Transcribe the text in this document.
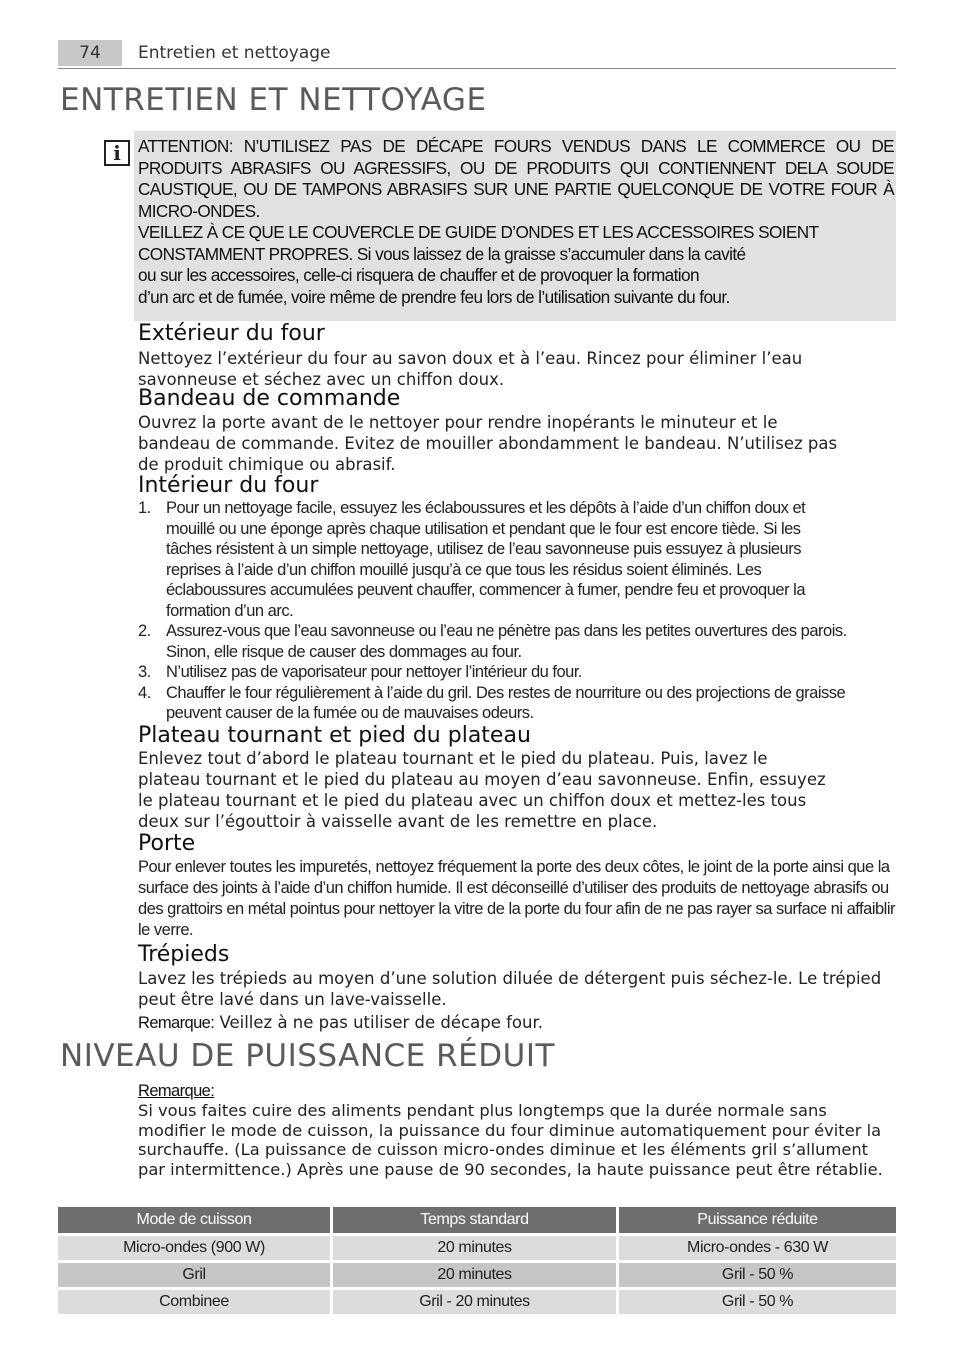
74	Entretien et nettoyage
ENTRETIEN ET NETTOYAGE
i	ATTENTION: N’UTILISEZ PAS DE DÉCAPE FOURS VENDUS DANS LE COMMERCE OU DE PRODUITS ABRASIFS OU AGRESSIFS, OU DE PRODUITS QUI CONTIENNENT DELA SOUDE CAUSTIQUE, OU DE TAMPONS ABRASIFS SUR UNE PARTIE QUELCONQUE DE VOTRE FOUR À MICRO-ONDES.

VEILLEZ À CE QUE LE COUVERCLE DE GUIDE D’ONDES ET LES ACCESSOIRES SOIENT

CONSTAMMENT PROPRES. Si vous laissez de la graisse s’accumuler dans la cavité

ou sur les accessoires, celle-ci risquera de chauffer et de provoquer la formation

d’un arc et de fumée, voire même de prendre feu lors de l’utilisation suivante du four.

Extérieur du four
Nettoyez l’extérieur du four au savon doux et à l’eau. Rincez pour éliminer l’eau savonneuse et séchez avec un chiffon doux.
Bandeau de commande
Ouvrez la porte avant de le nettoyer pour rendre inopérants le minuteur et le bandeau de commande. Evitez de mouiller abondamment le bandeau. N’utilisez pas de produit chimique ou abrasif.
Intérieur du four
1. Pour un nettoyage facile, essuyez les éclaboussures et les dépôts à l’aide d’un chiffon doux et mouillé ou une éponge après chaque utilisation et pendant que le four est encore tiède. Si les tâches résistent à un simple nettoyage, utilisez de l’eau savonneuse puis essuyez à plusieurs reprises à l’aide d’un chiffon mouillé jusqu’à ce que tous les résidus soient éliminés. Les éclaboussures accumulées peuvent chauffer, commencer à fumer, pendre feu et provoquer la formation d’un arc.
2. Assurez-vous que l’eau savonneuse ou l’eau ne pénètre pas dans les petites ouvertures des parois. Sinon, elle risque de causer des dommages au four.
3. N’utilisez pas de vaporisateur pour nettoyer l’intérieur du four.
4. Chauffer le four régulièrement à l’aide du gril. Des restes de nourriture ou des projections de graisse peuvent causer de la fumée ou de mauvaises odeurs.
Plateau tournant et pied du plateau
Enlevez tout d’abord le plateau tournant et le pied du plateau. Puis, lavez le plateau tournant et le pied du plateau au moyen d’eau savonneuse. Enfin, essuyez le plateau tournant et le pied du plateau avec un chiffon doux et mettez-les tous deux sur l’égouttoir à vaisselle avant de les remettre en place.
Porte
Pour enlever toutes les impuretés, nettoyez fréquement la porte des deux côtes, le joint de la porte ainsi que la surface des joints à l’aide d’un chiffon humide. Il est déconseillé d’utiliser des produits de nettoyage abrasifs ou des grattoirs en métal pointus pour nettoyer la vitre de la porte du four afin de ne pas rayer sa surface ni affaiblir le verre.
Trépieds
Lavez les trépieds au moyen d’une solution diluée de détergent puis séchez-le. Le trépied peut être lavé dans un lave-vaisselle.
Remarque: Veillez à ne pas utiliser de décape four.
NIVEAU DE PUISSANCE RÉDUIT
Remarque:
Si vous faites cuire des aliments pendant plus longtemps que la durée normale sans modifier le mode de cuisson, la puissance du four diminue automatiquement pour éviter la surchauffe. (La puissance de cuisson micro-ondes diminue et les éléments gril s’allument par intermittence.) Après une pause de 90 secondes, la haute puissance peut être rétablie.
Mode de cuisson	Temps standard	Puissance réduite
Micro-ondes (900 W)	20 minutes	Micro-ondes - 630 W
Gril	20 minutes	Gril - 50 %
Combinee	Gril - 20 minutes	Gril - 50 %
